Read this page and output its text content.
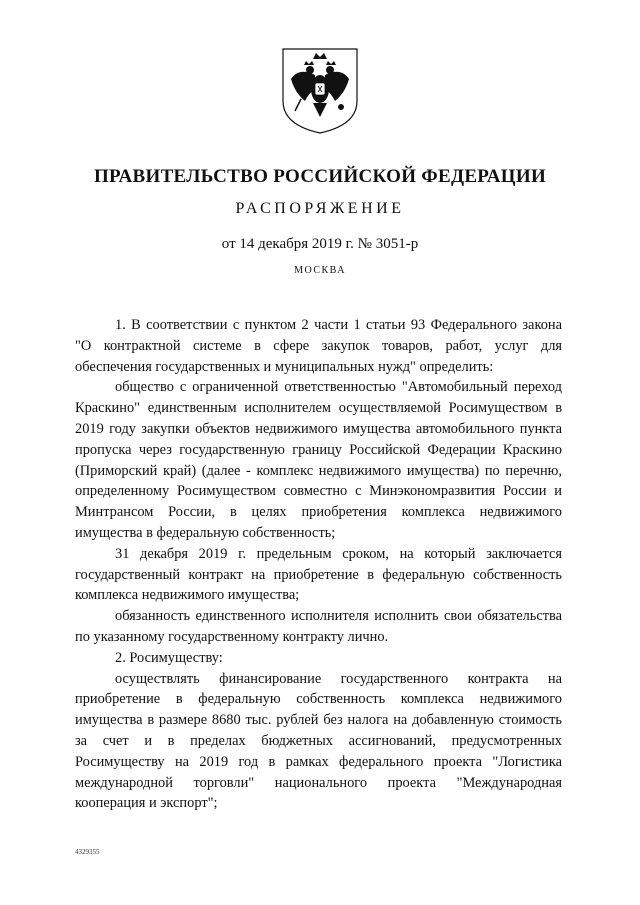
ПРАВИТЕЛЬСТВО РОССИЙСКОЙ ФЕДЕРАЦИИ
РАСПОРЯЖЕНИЕ
от 14 декабря 2019 г. № 3051-р
МОСКВА

1. В соответствии с пунктом 2 части 1 статьи 93 Федерального закона "О контрактной системе в сфере закупок товаров, работ, услуг для обеспечения государственных и муниципальных нужд" определить:

общество с ограниченной ответственностью "Автомобильный переход Краскино" единственным исполнителем осуществляемой Росимуществом в 2019 году закупки объектов недвижимого имущества автомобильного пункта пропуска через государственную границу Российской Федерации Краскино (Приморский край) (далее - комплекс недвижимого имущества) по перечню, определенному Росимуществом совместно с Минэкономразвития России и Минтрансом России, в целях приобретения комплекса недвижимого имущества в федеральную собственность;

31 декабря 2019 г. предельным сроком, на который заключается государственный контракт на приобретение в федеральную собственность комплекса недвижимого имущества;

обязанность единственного исполнителя исполнить свои обязательства по указанному государственному контракту лично.

2. Росимуществу:

осуществлять финансирование государственного контракта на приобретение в федеральную собственность комплекса недвижимого имущества в размере 8680 тыс. рублей без налога на добавленную стоимость за счет и в пределах бюджетных ассигнований, предусмотренных Росимуществу на 2019 год в рамках федерального проекта "Логистика международной торговли" национального проекта "Международная кооперация и экспорт";

4329355
